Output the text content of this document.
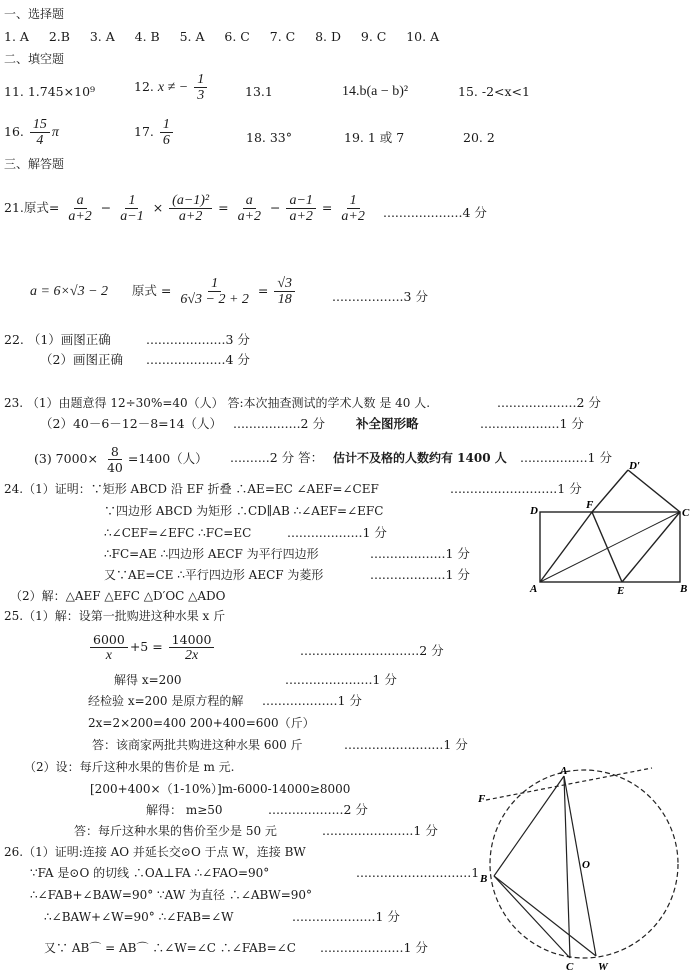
一、选择题
1. A 2.B 3. A 4. B 5. A 6. C 7. C 8. D 9. C 10. A
二、填空题
11. 1.745×10⁹	12. x ≠ − $\frac{1}{3}$	13.1	14.b(a − b)²	15. -2<x<1
16. $\frac{15}{4}$ π	17. $\frac{1}{6}$	18. 33°	19. 1 或 7	20. 2
三、解答题
21.原式= $\frac{a}{a+2} - \frac{1}{a-1} \times \frac{\text{(a−1)²}}{a+2} = \frac{a}{a+2} - \frac{a-1}{a+2} = \frac{1}{a+2} ....................4$ 分
a = 6×√3 − 2 原式 = $\frac{1}{6√3 - 2 + 2} = \frac{√3}{18}$	..................3 分
22. （1）画图正确	....................3 分
（2）画图正确 ....................4 分
23. （1）由题意得 12÷30%=40（人） 答:本次抽查测试的学术人数 是 40 人.	....................2 分
（2）40－6－12－8=14（人） .................2 分 补全图形略	....................1 分
(3) $7000\times \frac{8}{40} =1400$（人） ..........2 分 答： 估计不及格的人数约有 1400 人 .................1 分
24.（1）证明：∵矩形 ABCD 沿 EF 折叠 ∴AE=EC ∠AEF=∠CEF	...........................1 分
∵四边形 ABCD 为矩形 ∴CD∥AB ∴∠AEF=∠EFC
∴∠CEF=∠EFC ∴FC=EC	...................1 分
∴FC=AE ∴四边形 AECF 为平行四边形	...................1 分
又∵AE=CE ∴平行四边形 AECF 为菱形	...................1 分
（2）解：△AEF △EFC △D′OC △ADO
D′
D	F
C
A	E	B
25.（1）解：设第一批购进这种水果 x 斤
$\frac{6000}{x} +5 = \frac{14000}{2x}$	..............................2 分
解得 x=200	......................1 分
经检验 x=200 是原方程的解 ...................1 分
2x=2×200=400 200+400=600（斤）
答：该商家两批共购进这种水果 600 斤	.........................1 分
（2）设：每斤这种水果的售价是 m 元.
[200+400×（1-10%）]m-6000-14000≥8000
解得： m≥50	...................2 分
答：每斤这种水果的售价至少是 50 元	.......................1 分
26.（1）证明:连接 AO 并延长交⊙O 于点 W，连接 BW
∵FA 是⊙O 的切线 ∴OA⊥FA ∴∠FAO=90°	.............................1
∴∠FAB+∠BAW=90° ∵AW 为直径 ∴∠ABW=90°
∴∠BAW+∠W=90° ∴∠FAB=∠W	.....................1 分
又∵ AB⌒ = AB⌒ ∴∠W=∠C ∴∠FAB=∠C .....................1 分
A
F
B
O
C W
